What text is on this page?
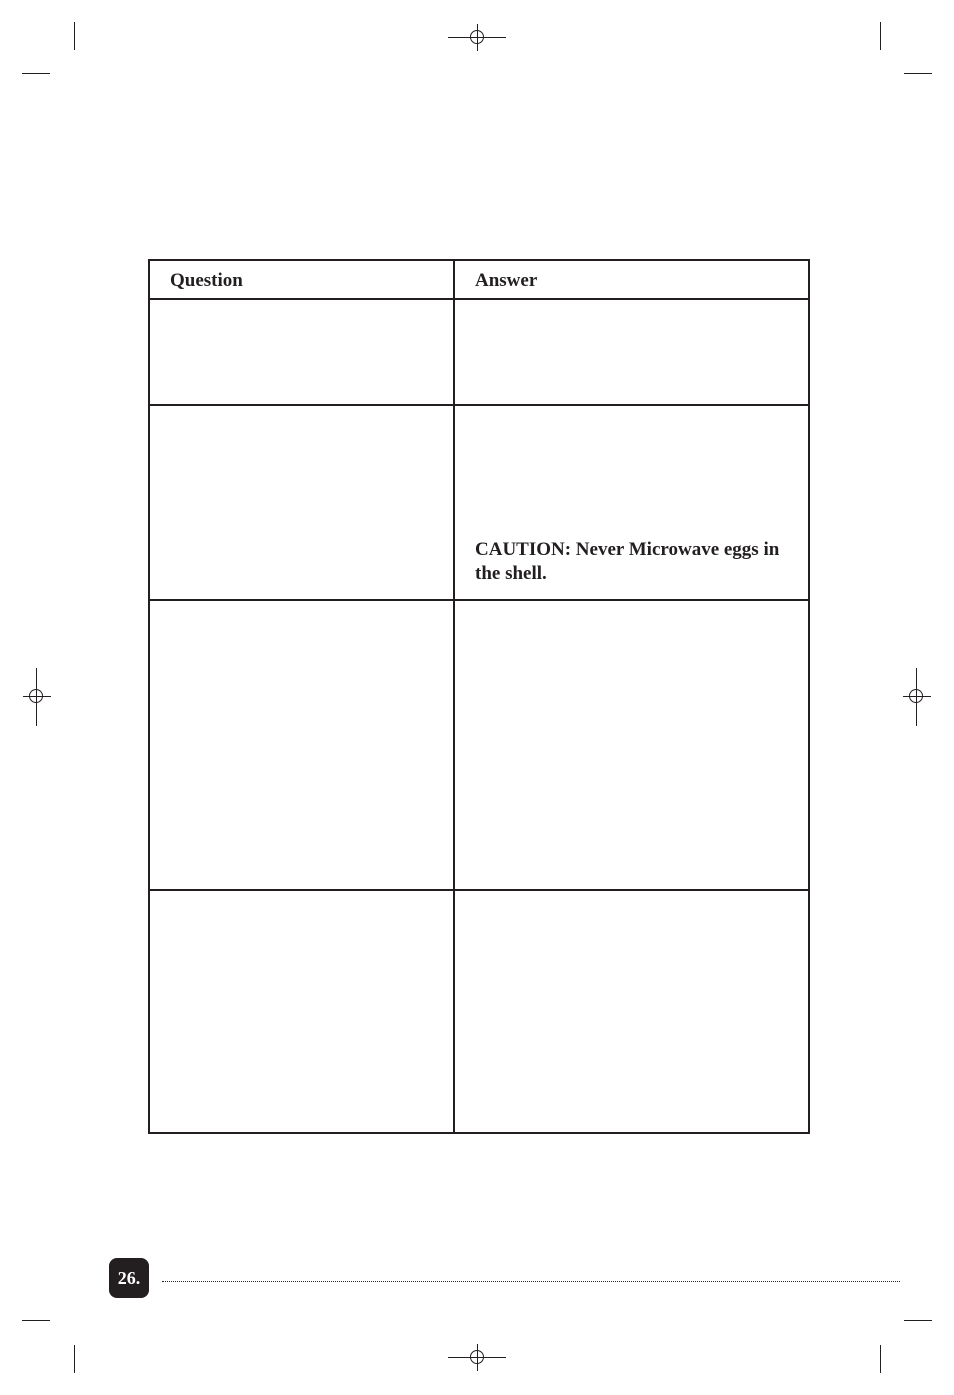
Question	Answer

	CAUTION: Never Microwave eggs in the shell.

26.
